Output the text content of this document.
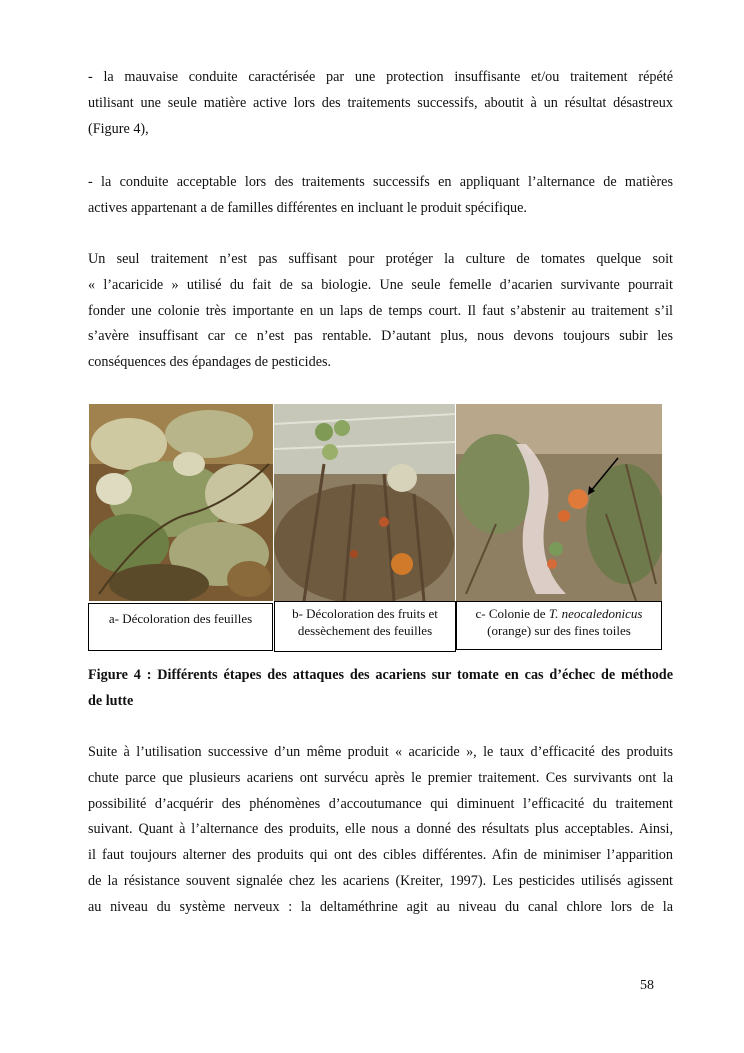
- la mauvaise conduite caractérisée par une protection insuffisante et/ou traitement répété
utilisant une seule matière active lors des traitements successifs, aboutit à un résultat désastreux
(Figure 4),
- la conduite acceptable lors des traitements successifs en appliquant l’alternance de matières
actives appartenant a de familles différentes en incluant le produit spécifique.
Un seul traitement n’est pas suffisant pour protéger la culture de tomates quelque soit
« l’acaricide » utilisé du fait de sa biologie. Une seule femelle d’acarien survivante pourrait
fonder une colonie très importante en un laps de temps court. Il faut s’abstenir au traitement s’il
s’avère insuffisant car ce n’est pas rentable. D’autant plus, nous devons toujours subir les
conséquences des épandages de pesticides.
a- Décoloration des feuilles	b- Décoloration des fruits et
dessèchement des feuilles
c- Colonie de T. neocaledonicus
(orange) sur des fines toiles
Figure 4 : Différents étapes des attaques des acariens sur tomate en cas d’échec de méthode
de lutte
Suite à l’utilisation successive d’un même produit « acaricide », le taux d’efficacité des produits
chute parce que plusieurs acariens ont survécu après le premier traitement. Ces survivants ont la
possibilité d’acquérir des phénomènes d’accoutumance qui diminuent l’efficacité du traitement
suivant. Quant à l’alternance des produits, elle nous a donné des résultats plus acceptables. Ainsi,
il faut toujours alterner des produits qui ont des cibles différentes. Afin de minimiser l’apparition
de la résistance souvent signalée chez les acariens (Kreiter, 1997). Les pesticides utilisés agissent
au niveau du système nerveux : la deltaméthrine agit au niveau du canal chlore lors de la
58
